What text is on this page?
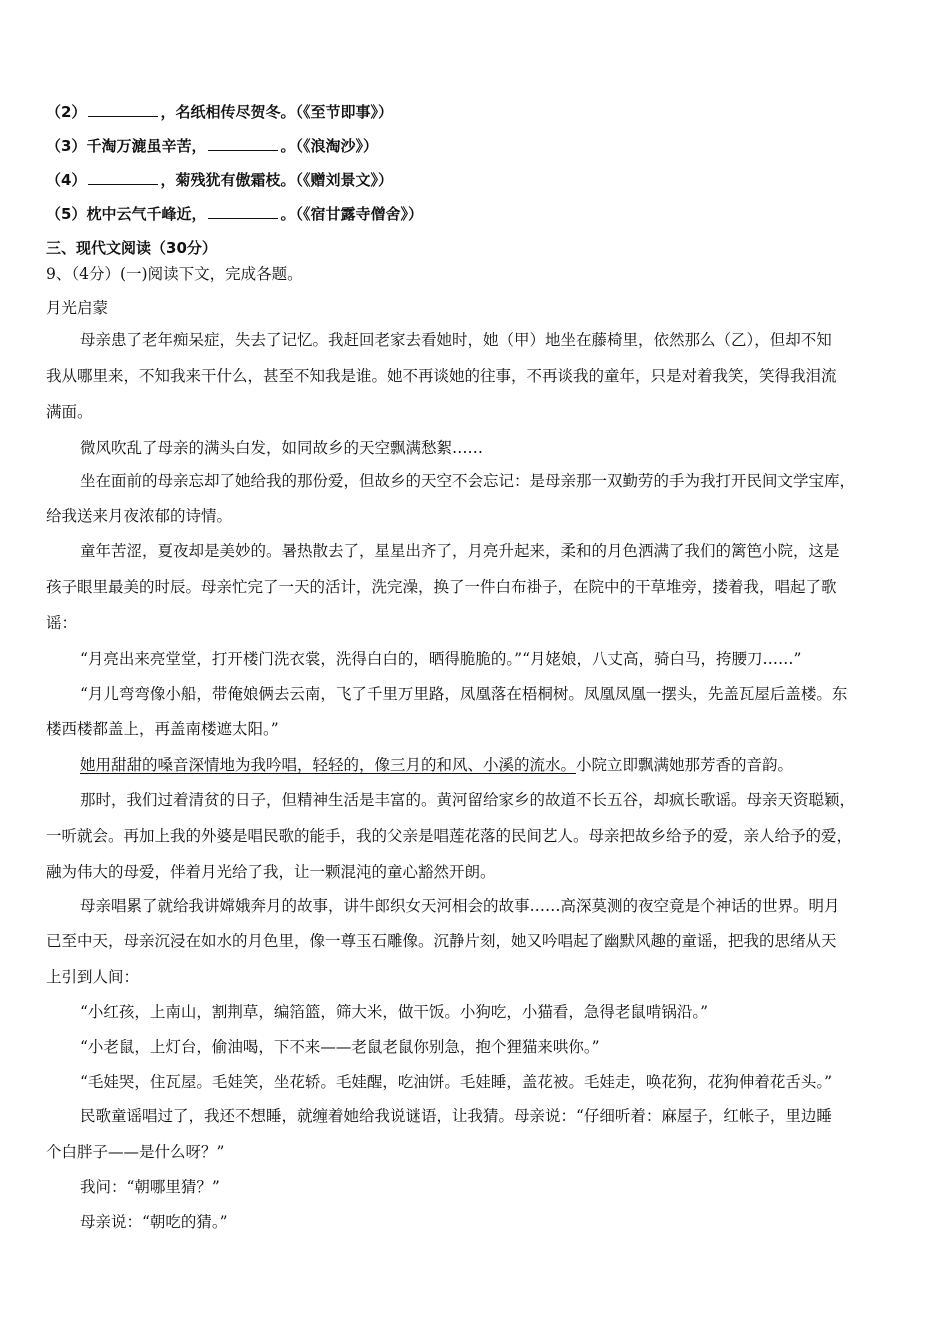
（2）	，名纸相传尽贺冬。（《至节即事》）
（3）千淘万漉虽辛苦，	。（《浪淘沙》）
（4）	，菊残犹有傲霜枝。（《赠刘景文》）
（5）枕中云气千峰近，	。（《宿甘露寺僧舍》）
三、现代文阅读（30分）
9、（4分）(一)阅读下文，完成各题。
月光启蒙
母亲患了老年痴呆症，失去了记忆。我赶回老家去看她时，她（甲）地坐在藤椅里，依然那么（乙），但却不知
我从哪里来，不知我来干什么，甚至不知我是谁。她不再谈她的往事，不再谈我的童年，只是对着我笑，笑得我泪流
满面。
微风吹乱了母亲的满头白发，如同故乡的天空飘满愁絮……
坐在面前的母亲忘却了她给我的那份爱，但故乡的天空不会忘记：是母亲那一双勤劳的手为我打开民间文学宝库，
给我送来月夜浓郁的诗情。
童年苦涩，夏夜却是美妙的。暑热散去了，星星出齐了，月亮升起来，柔和的月色洒满了我们的篱笆小院，这是
孩子眼里最美的时辰。母亲忙完了一天的活计，洗完澡，换了一件白布褂子，在院中的干草堆旁，搂着我，唱起了歌
谣：
“月亮出来亮堂堂，打开楼门洗衣裳，洗得白白的，晒得脆脆的。”“月姥娘，八丈高，骑白马，挎腰刀……”
“月儿弯弯像小船，带俺娘俩去云南，飞了千里万里路，凤凰落在梧桐树。凤凰凤凰一摆头，先盖瓦屋后盖楼。东
楼西楼都盖上，再盖南楼遮太阳。”
她用甜甜的嗓音深情地为我吟唱，轻轻的，像三月的和风、小溪的流水。小院立即飘满她那芳香的音韵。
那时，我们过着清贫的日子，但精神生活是丰富的。黄河留给家乡的故道不长五谷，却疯长歌谣。母亲天资聪颖，
一听就会。再加上我的外婆是唱民歌的能手，我的父亲是唱莲花落的民间艺人。母亲把故乡给予的爱，亲人给予的爱，
融为伟大的母爱，伴着月光给了我，让一颗混沌的童心豁然开朗。
母亲唱累了就给我讲嫦娥奔月的故事，讲牛郎织女天河相会的故事……高深莫测的夜空竟是个神话的世界。明月
已至中天，母亲沉浸在如水的月色里，像一尊玉石雕像。沉静片刻，她又吟唱起了幽默风趣的童谣，把我的思绪从天
上引到人间：
“小红孩，上南山，割荆草，编箔篮，筛大米，做干饭。小狗吃，小猫看，急得老鼠啃锅沿。”
“小老鼠，上灯台，偷油喝，下不来——老鼠老鼠你别急，抱个狸猫来哄你。”
“毛娃哭，住瓦屋。毛娃笑，坐花轿。毛娃醒，吃油饼。毛娃睡，盖花被。毛娃走，唤花狗，花狗伸着花舌头。”
民歌童谣唱过了，我还不想睡，就缠着她给我说谜语，让我猜。母亲说：“仔细听着：麻屋子，红帐子，里边睡
个白胖子——是什么呀？”
我问：“朝哪里猜？”
母亲说：“朝吃的猜。”
